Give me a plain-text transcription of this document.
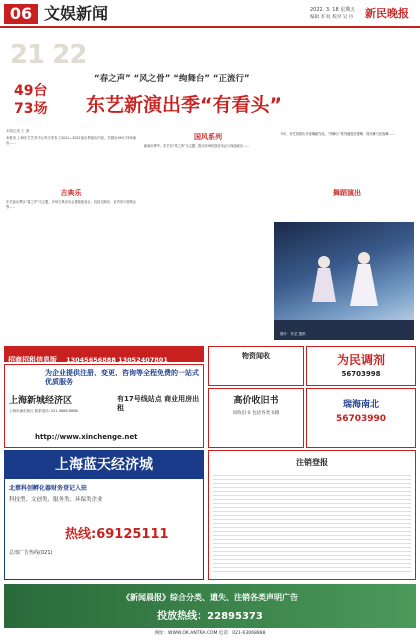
06 文娱新闻	2022. 3. 18 星期五
编辑 李 虹 校对 吴 丹 新民晚报
21 22
49台
73场
“春之声” “风之骨” “绚舞台” “正流行”
东艺新演出季“有看头”
本报记者 王 凛
本报讯 上海东方艺术中心昨天发布了2021—2022演出季演出内容，共推出49台73场演出……
古典乐
东艺演出季以“春之声”为主题，多场古典音乐会将陆续登台，包括交响乐、室内乐与独奏会等……
国风系列
新演出季中，东艺以“风之骨”为主题，推出多场民族音乐会与戏曲演出……
今年，东艺将推出多部舞蹈作品，“绚舞台”系列涵盖芭蕾舞、现代舞与民族舞……
舞蹈演出
图片：东艺 提供
招商招租信息版 13045656888 13052407801
为企业提供注册、变更、咨询等全程免费的一站式优质服务
上海新城经济区
上海市浦东新区 联系电话: 021-5888 8888
有17号线站点 商业用房出租
http://www.xinchenge.net
上海蓝天经济城
北蔡科创孵化器财务登记入驻
科技型、文创类、服务类、环保类企业
热线:69125111
总部广告热线(021)
物资闻收
高价收旧书
回收旧书 包括各类书籍
为民调剂
56703998
瑞海南北
56703990
注销登报
《新闻晨报》综合分类、遗失、注销各类声明广告
投放热线：22895373
网址：WWW.OK.ANTRA.COM 电话：021-63068888
